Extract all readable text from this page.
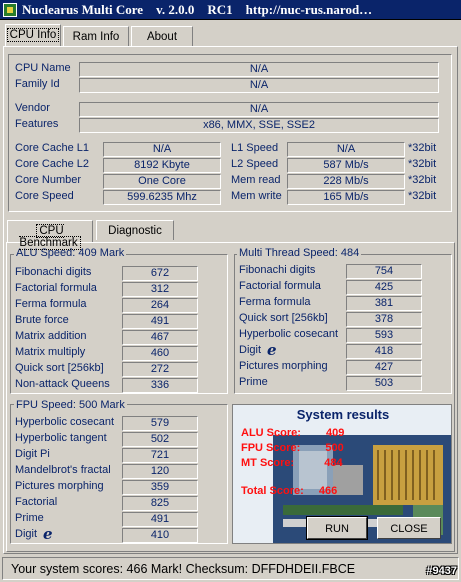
Nuclearus Multi Core    v. 2.0.0    RC1    http://nuc-rus.narod…
CPU Info	Ram Info	About
CPU Name	N/A
Family Id	N/A
Vendor	N/A
Features	x86, MMX, SSE, SSE2
Core Cache L1	N/A
Core Cache L2	8192 Kbyte
Core Number	One Core
Core Speed	599.6235 Mhz
L1 Speed	N/A	*32bit
L2 Speed	587 Mb/s	*32bit
Mem read	228 Mb/s	*32bit
Mem write	165 Mb/s	*32bit
CPU Benchmark
Diagnostic
ALU Speed: 409 Mark
Fibonachi digits	672
Factorial formula	312
Ferma formula	264
Brute force	491
Matrix addition	467
Matrix multiply	460
Quick sort [256kb]	272
Non-attack Queens	336
Multi Thread Speed: 484
Fibonachi digits	754
Factorial formula	425
Ferma formula	381
Quick sort [256kb]	378
Hyperbolic cosecant	593
Digit e	418
Pictures morphing	427
Prime	503
FPU Speed: 500 Mark
Hyperbolic cosecant	579
Hyperbolic tangent	502
Digit Pi	721
Mandelbrot's fractal	120
Pictures morphing	359
Factorial	825
Prime	491
Digit e	410
System results
ALU Score: 409
FPU Score: 500
MT Score:	484
Total Score: 466
RUN	CLOSE
Your system scores: 466 Mark! Checksum: DFFDHDEII.FBCE	#9437
